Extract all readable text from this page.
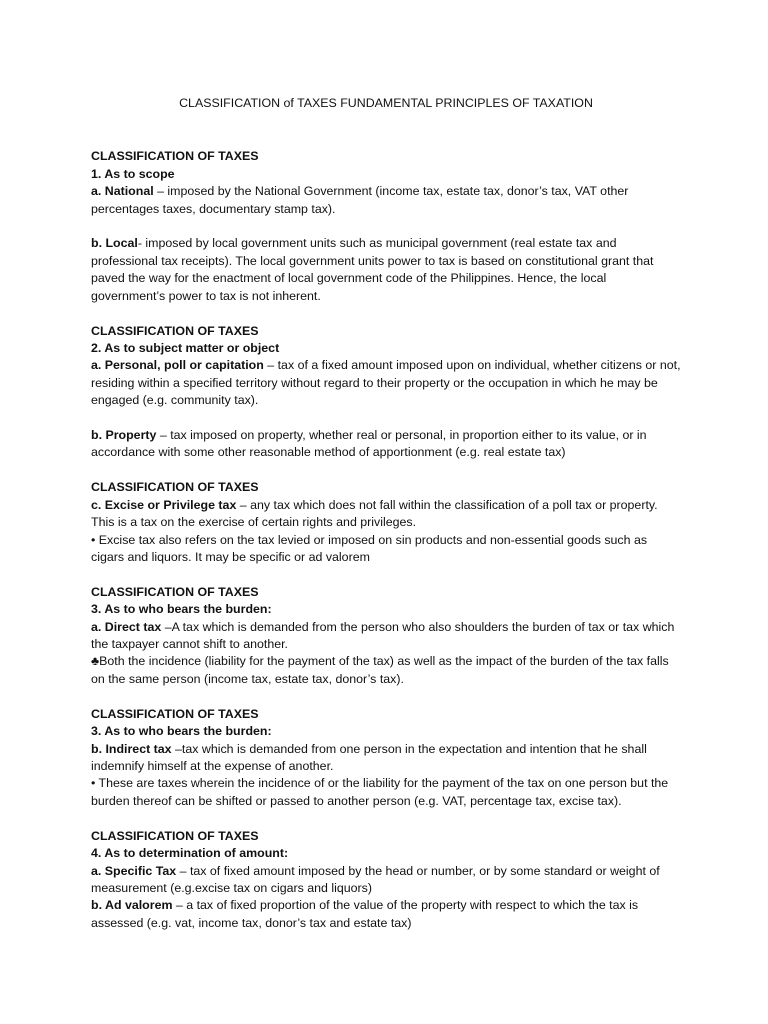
CLASSIFICATION of TAXES FUNDAMENTAL PRINCIPLES OF TAXATION
CLASSIFICATION OF TAXES
1. As to scope
a. National – imposed by the National Government (income tax, estate tax, donor’s tax, VAT other percentages taxes, documentary stamp tax).
b. Local- imposed by local government units such as municipal government (real estate tax and professional tax receipts). The local government units power to tax is based on constitutional grant that paved the way for the enactment of local government code of the Philippines. Hence, the local government’s power to tax is not inherent.
CLASSIFICATION OF TAXES
2. As to subject matter or object
a. Personal, poll or capitation – tax of a fixed amount imposed upon on individual, whether citizens or not, residing within a specified territory without regard to their property or the occupation in which he may be engaged (e.g. community tax).
b. Property – tax imposed on property, whether real or personal, in proportion either to its value, or in accordance with some other reasonable method of apportionment (e.g. real estate tax)
CLASSIFICATION OF TAXES
c. Excise or Privilege tax – any tax which does not fall within the classification of a poll tax or property. This is a tax on the exercise of certain rights and privileges.
• Excise tax also refers on the tax levied or imposed on sin products and non-essential goods such as cigars and liquors. It may be specific or ad valorem
CLASSIFICATION OF TAXES
3. As to who bears the burden:
a. Direct tax –A tax which is demanded from the person who also shoulders the burden of tax or tax which the taxpayer cannot shift to another.
♣Both the incidence (liability for the payment of the tax) as well as the impact of the burden of the tax falls on the same person (income tax, estate tax, donor’s tax).
CLASSIFICATION OF TAXES
3. As to who bears the burden:
b. Indirect tax –tax which is demanded from one person in the expectation and intention that he shall indemnify himself at the expense of another.
• These are taxes wherein the incidence of or the liability for the payment of the tax on one person but the burden thereof can be shifted or passed to another person (e.g. VAT, percentage tax, excise tax).
CLASSIFICATION OF TAXES
4. As to determination of amount:
a. Specific Tax – tax of fixed amount imposed by the head or number, or by some standard or weight of measurement (e.g.excise tax on cigars and liquors)
b. Ad valorem – a tax of fixed proportion of the value of the property with respect to which the tax is assessed (e.g. vat, income tax, donor’s tax and estate tax)
